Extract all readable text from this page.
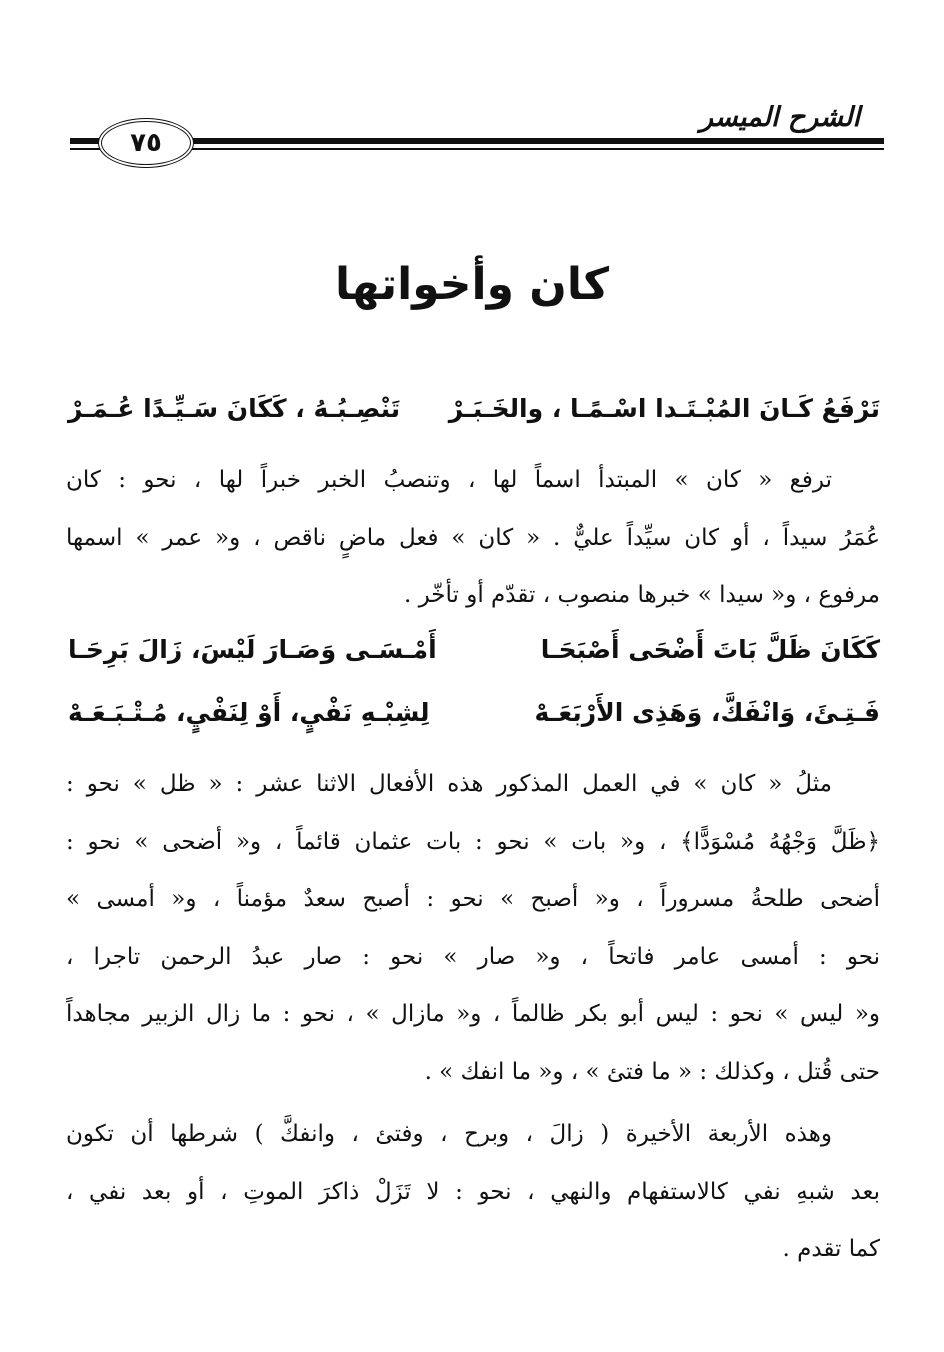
الشرح الميسر
٧٥
كان وأخواتها
تَرْفَعُ كَـانَ المُبْـتَـدا اسْـمًـا ، والخَـبَـرْ
تَنْصِـبُـهُ ، كَكَانَ سَـيِّـدًا عُـمَـرْ
ترفع « كان » المبتدأ اسماً لها ، وتنصبُ الخبر خبراً لها ، نحو : كان
عُمَرُ سيداً ، أو كان سيِّداً عليٌّ . « كان » فعل ماضٍ ناقص ، و« عمر » اسمها
مرفوع ، و« سيدا » خبرها منصوب ، تقدّم أو تأخّر .
كَكَانَ ظَلَّ بَاتَ أَضْحَى أَصْبَحَـا
أَمْـسَـى وَصَـارَ لَيْسَ، زَالَ بَرِحَـا
فَـتِـئَ، وَانْفَكَّ، وَهَذِى الأَرْبَعَـهْ
لِشِبْـهِ نَفْيٍ، أَوْ لِنَفْيٍ، مُـتْـبَـعَـهْ
مثلُ « كان » في العمل المذكور هذه الأفعال الاثنا عشر : « ظل » نحو :
﴿ظَلَّ وَجْهُهُ مُسْوَدًّا﴾ ، و« بات » نحو : بات عثمان قائماً ، و« أضحى » نحو :
أضحى طلحةُ مسروراً ، و« أصبح » نحو : أصبح سعدٌ مؤمناً ، و« أمسى »
نحو : أمسى عامر فاتحاً ، و« صار » نحو : صار عبدُ الرحمن تاجرا ،
و« ليس » نحو : ليس أبو بكر ظالماً ، و« مازال » ، نحو : ما زال الزبير مجاهداً
حتى قُتل ، وكذلك : « ما فتئ » ، و« ما انفك » .
وهذه الأربعة الأخيرة ( زالَ ، وبرح ، وفتئ ، وانفكَّ ) شرطها أن تكون
بعد شبهِ نفي كالاستفهام والنهي ، نحو : لا تَزَلْ ذاكرَ الموتِ ، أو بعد نفي ،
كما تقدم .
